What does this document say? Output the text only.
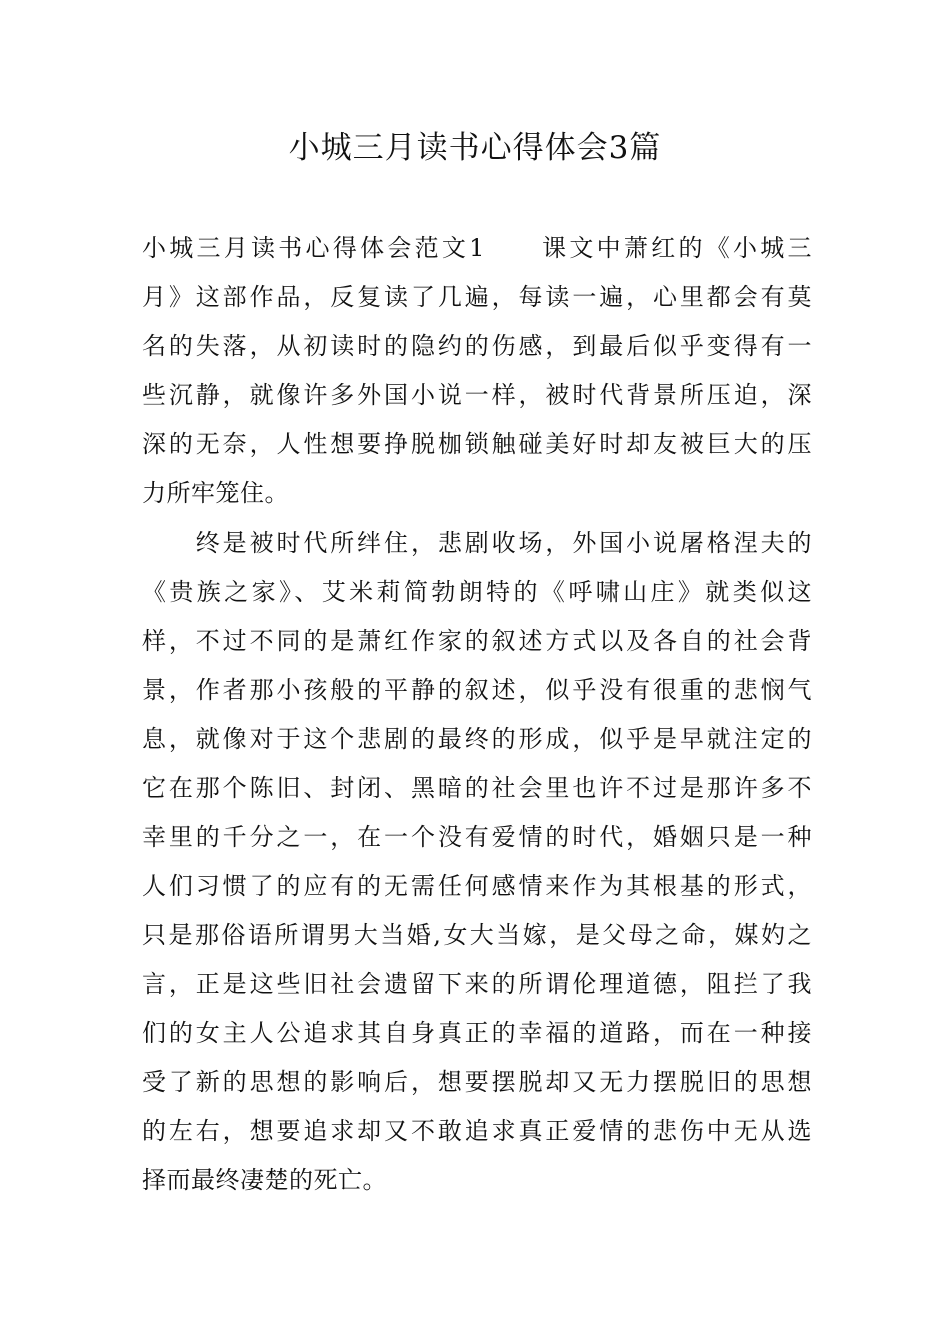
小城三月读书心得体会3篇
小城三月读书心得体会范文1　　课文中萧红的《小城三
月》这部作品，反复读了几遍，每读一遍，心里都会有莫
名的失落，从初读时的隐约的伤感，到最后似乎变得有一
些沉静，就像许多外国小说一样，被时代背景所压迫，深
深的无奈，人性想要挣脱枷锁触碰美好时却友被巨大的压
力所牢笼住。
　　终是被时代所绊住，悲剧收场，外国小说屠格涅夫的
《贵族之家》、艾米莉简勃朗特的《呼啸山庄》就类似这
样，不过不同的是萧红作家的叙述方式以及各自的社会背
景，作者那小孩般的平静的叙述，似乎没有很重的悲悯气
息，就像对于这个悲剧的最终的形成，似乎是早就注定的
它在那个陈旧、封闭、黑暗的社会里也许不过是那许多不
幸里的千分之一，在一个没有爱情的时代，婚姻只是一种
人们习惯了的应有的无需任何感情来作为其根基的形式，
只是那俗语所谓男大当婚,女大当嫁，是父母之命，媒妁之
言，正是这些旧社会遗留下来的所谓伦理道德，阻拦了我
们的女主人公追求其自身真正的幸福的道路，而在一种接
受了新的思想的影响后，想要摆脱却又无力摆脱旧的思想
的左右，想要追求却又不敢追求真正爱情的悲伤中无从选
择而最终凄楚的死亡。
